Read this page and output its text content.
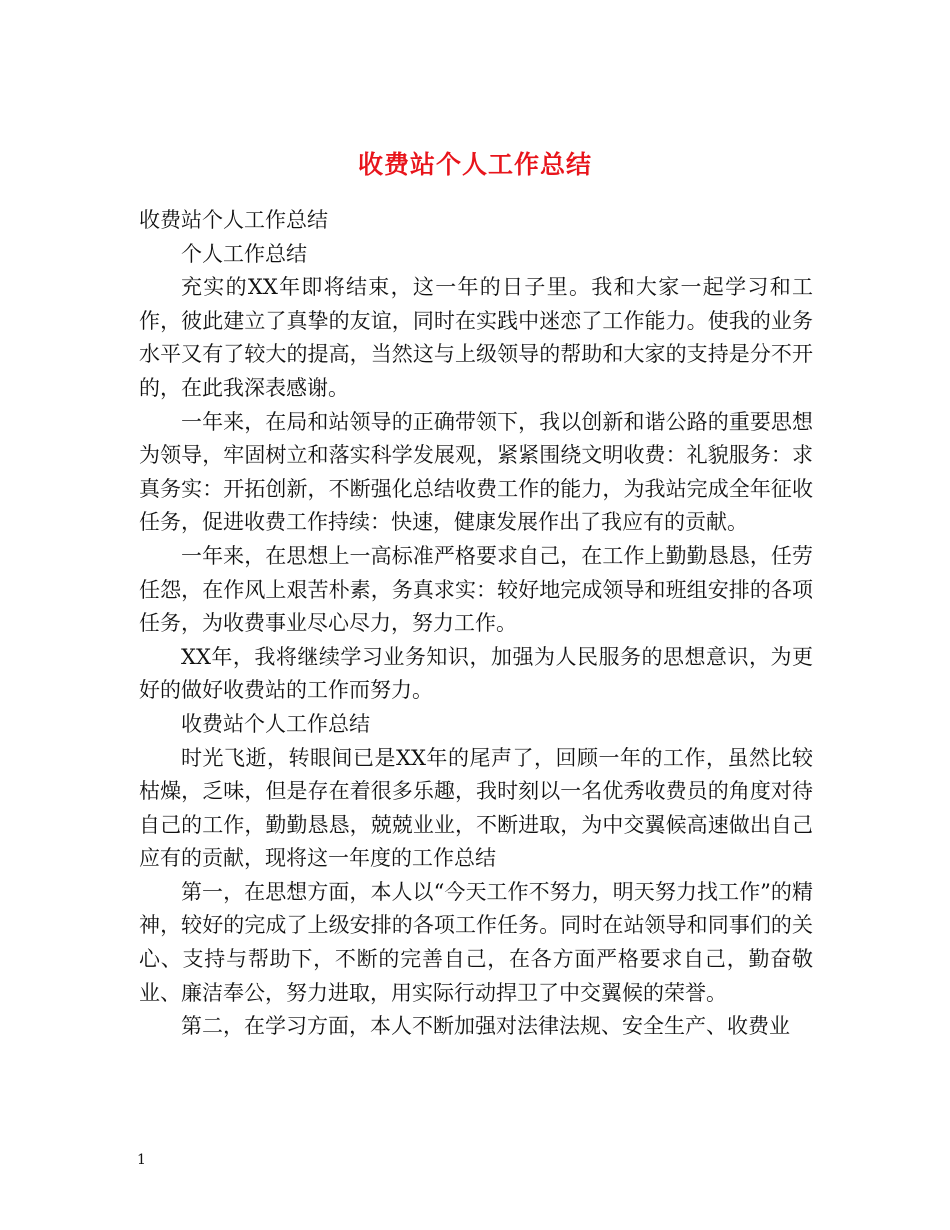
收费站个人工作总结

收费站个人工作总结

个人工作总结

充实的XX年即将结束，这一年的日子里。我和大家一起学习和工作，彼此建立了真挚的友谊，同时在实践中迷恋了工作能力。使我的业务水平又有了较大的提高，当然这与上级领导的帮助和大家的支持是分不开的，在此我深表感谢。

一年来，在局和站领导的正确带领下，我以创新和谐公路的重要思想为领导，牢固树立和落实科学发展观，紧紧围绕文明收费：礼貌服务：求真务实：开拓创新，不断强化总结收费工作的能力，为我站完成全年征收任务，促进收费工作持续：快速，健康发展作出了我应有的贡献。

一年来，在思想上一高标准严格要求自己，在工作上勤勤恳恳，任劳任怨，在作风上艰苦朴素，务真求实：较好地完成领导和班组安排的各项任务，为收费事业尽心尽力，努力工作。

XX年，我将继续学习业务知识，加强为人民服务的思想意识，为更好的做好收费站的工作而努力。

收费站个人工作总结

时光飞逝，转眼间已是XX年的尾声了，回顾一年的工作，虽然比较枯燥，乏味，但是存在着很多乐趣，我时刻以一名优秀收费员的角度对待自己的工作，勤勤恳恳，兢兢业业，不断进取，为中交翼候高速做出自己应有的贡献，现将这一年度的工作总结

第一，在思想方面，本人以“今天工作不努力，明天努力找工作”的精神，较好的完成了上级安排的各项工作任务。同时在站领导和同事们的关心、支持与帮助下，不断的完善自己，在各方面严格要求自己，勤奋敬业、廉洁奉公，努力进取，用实际行动捍卫了中交翼候的荣誉。

第二，在学习方面，本人不断加强对法律法规、安全生产、收费业

1
